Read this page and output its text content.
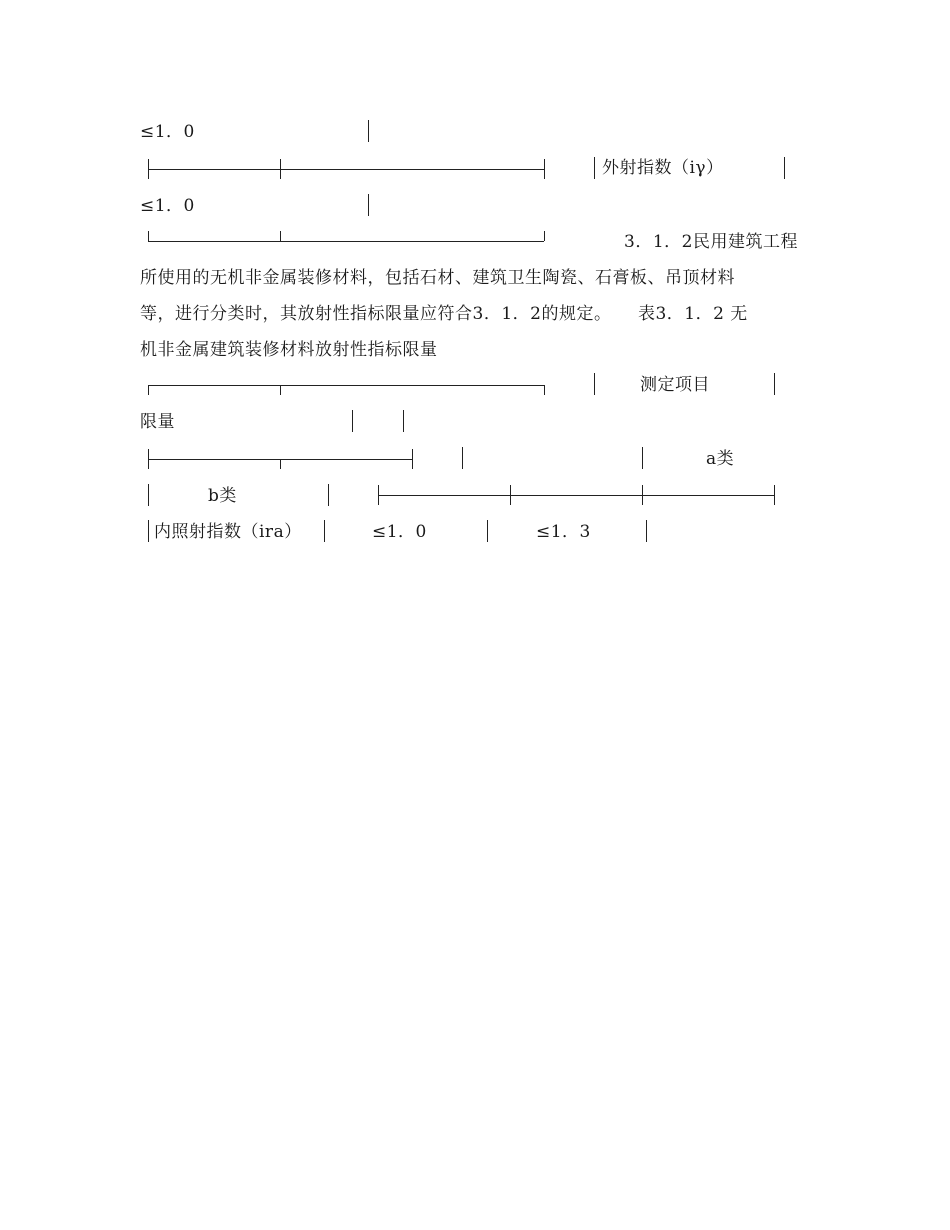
≤1．0
外射指数（iγ）
≤1．0
3．1．2民用建筑工程
所使用的无机非金属装修材料，包括石材、建筑卫生陶瓷、石膏板、吊顶材料
等，进行分类时，其放射性指标限量应符合3．1．2的规定。　　表3．1．2 无
机非金属建筑装修材料放射性指标限量
测定项目
限量
a类
b类
内照射指数（ira）	≤1．0	≤1．3
